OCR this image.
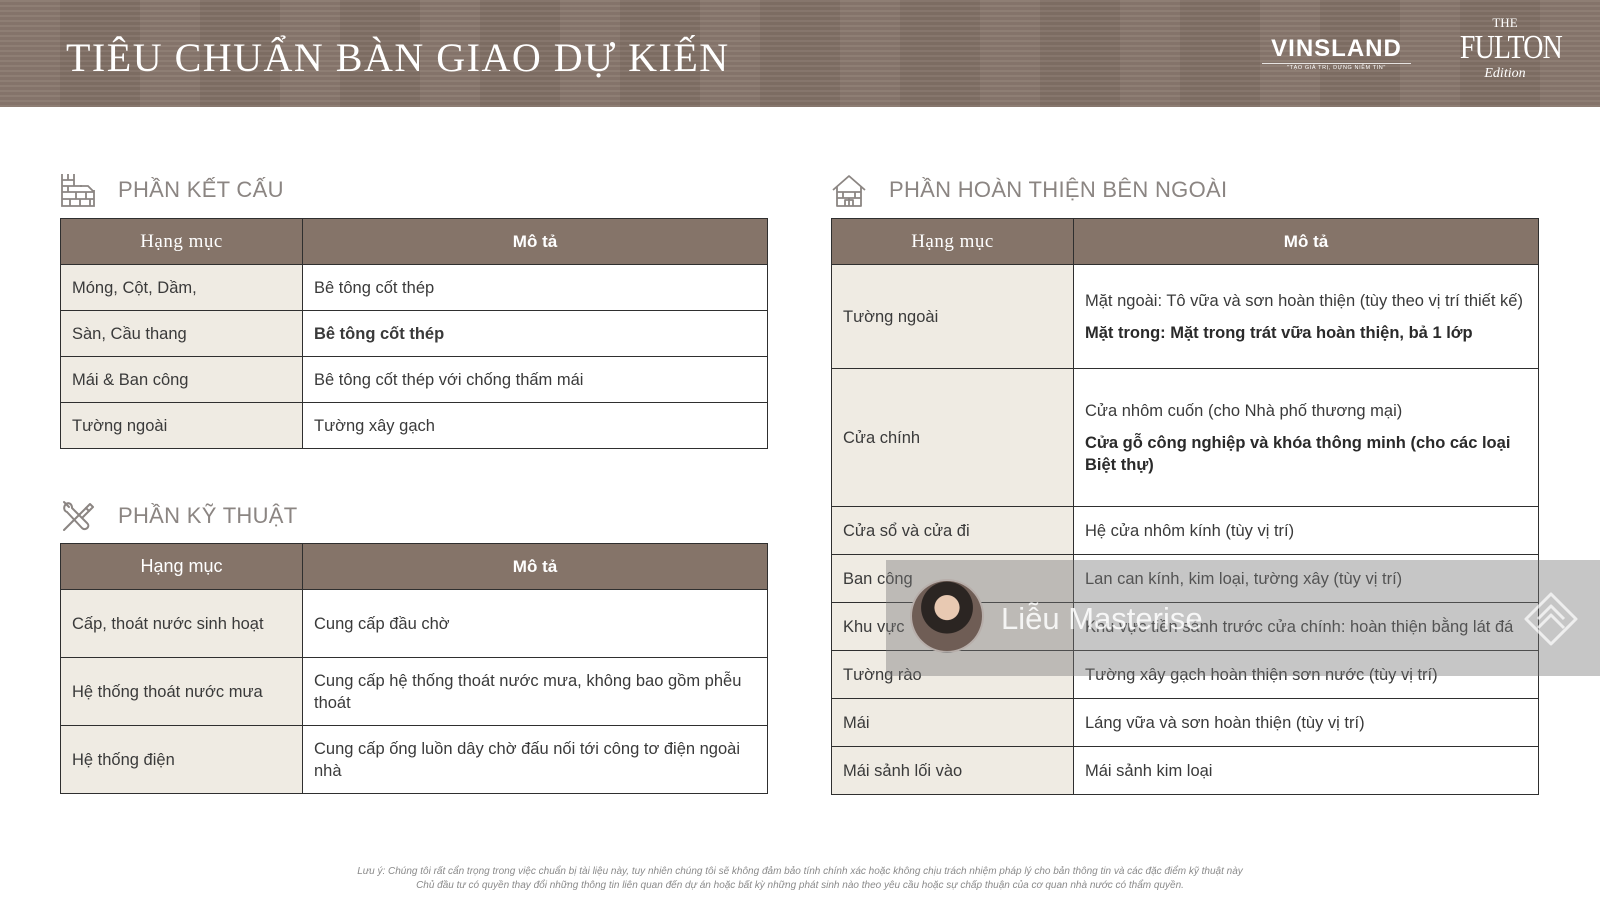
TIÊU CHUẨN BÀN GIAO DỰ KIẾN	VINSLAND
"TẠO GIÁ TRỊ, DỰNG NIỀM TIN"
THE
FULTON
Edition
PHẦN KẾT CẤU
Hạng mục	Mô tả
Móng, Cột, Dầm,	Bê tông cốt thép
Sàn, Cầu thang	Bê tông cốt thép
Mái & Ban công	Bê tông cốt thép với chống thấm mái
Tường ngoài	Tường xây gạch
PHẦN KỸ THUẬT
Hạng mục	Mô tả
Cấp, thoát nước sinh hoạt	Cung cấp đầu chờ
Hệ thống thoát nước mưa	Cung cấp hệ thống thoát nước mưa, không bao gồm phễu thoát
Hệ thống điện	Cung cấp ống luồn dây chờ đấu nối tới công tơ điện ngoài nhà
PHẦN HOÀN THIỆN BÊN NGOÀI
Hạng mục	Mô tả
Tường ngoài	Mặt ngoài: Tô vữa và sơn hoàn thiện (tùy theo vị trí thiết kế)
Mặt trong: Mặt trong trát vữa hoàn thiện, bả 1 lớp

Cửa chính	Cửa nhôm cuốn (cho Nhà phố thương mại)
Cửa gỗ công nghiệp và khóa thông minh (cho các loại Biệt thự)

Cửa sổ và cửa đi	Hệ cửa nhôm kính (tùy vị trí)
Ban công	Lan can kính, kim loại, tường xây (tùy vị trí)
Khu vực	Khu vực tiền sảnh trước cửa chính: hoàn thiện bằng lát đá
Tường rào	Tường xây gạch hoàn thiện sơn nước (tùy vị trí)
Mái	Láng vữa và sơn hoàn thiện (tùy vị trí)
Mái sảnh lối vào	Mái sảnh kim loại
Liễu Masterise
Lưu ý: Chúng tôi rất cẩn trọng trong việc chuẩn bị tài liệu này, tuy nhiên chúng tôi sẽ không đảm bảo tính chính xác hoặc không chịu trách nhiệm pháp lý cho bản thông tin và các đặc điểm kỹ thuật này
Chủ đầu tư có quyền thay đổi những thông tin liên quan đến dự án hoặc bất kỳ những phát sinh nào theo yêu cầu hoặc sự chấp thuận của cơ quan nhà nước có thẩm quyền.
